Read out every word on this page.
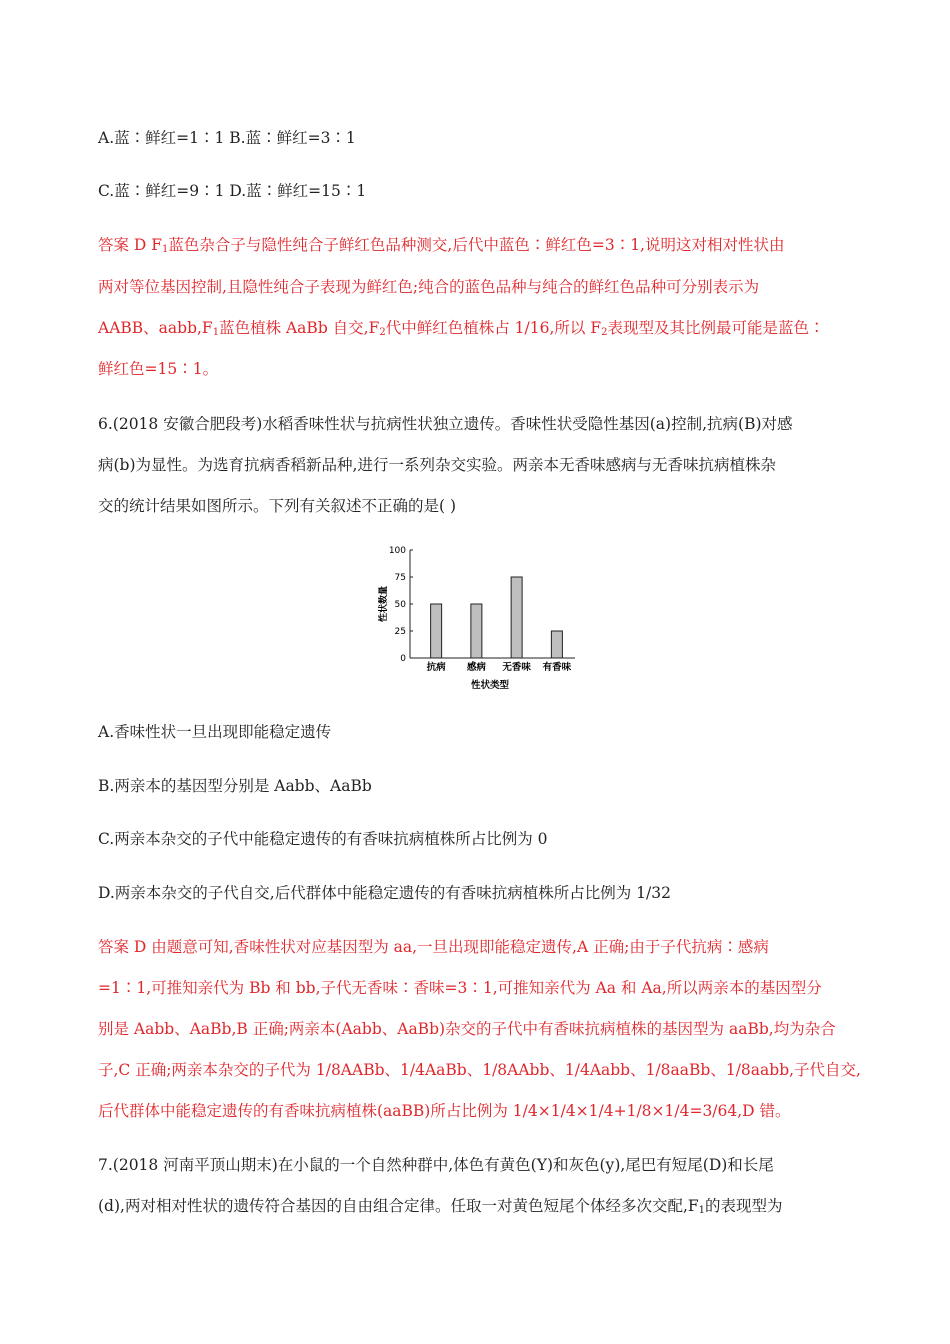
A.蓝∶鲜红=1∶1 B.蓝∶鲜红=3∶1
C.蓝∶鲜红=9∶1 D.蓝∶鲜红=15∶1
答案 D $F_1$蓝色杂合子与隐性纯合子鲜红色品种测交,后代中蓝色∶鲜红色=3∶1,说明这对相对性状由
两对等位基因控制,且隐性纯合子表现为鲜红色;纯合的蓝色品种与纯合的鲜红色品种可分别表示为
AABB、$aabb,F_1$蓝色植株 AaBb 自交$,F_2$代中鲜红色植株占 1/16,所以 $F_2$表现型及其比例最可能是蓝色∶
鲜红色=15∶1。
6.(2018 安徽合肥段考)水稻香味性状与抗病性状独立遗传。香味性状受隐性基因(a)控制,抗病(B)对感
病(b)为显性。为选育抗病香稻新品种,进行一系列杂交实验。两亲本无香味感病与无香味抗病植株杂
交的统计结果如图所示。下列有关叙述不正确的是( )
0
25
50
75
100
抗病 感病 无香味 有香味
性状数量
性状类型
A.香味性状一旦出现即能稳定遗传
B.两亲本的基因型分别是 Aabb、AaBb
C.两亲本杂交的子代中能稳定遗传的有香味抗病植株所占比例为 0
D.两亲本杂交的子代自交,后代群体中能稳定遗传的有香味抗病植株所占比例为 1/32
答案 D 由题意可知,香味性状对应基因型为 aa,一旦出现即能稳定遗传,A 正确;由于子代抗病∶感病
=1∶1,可推知亲代为 Bb 和 bb,子代无香味∶香味=3∶1,可推知亲代为 Aa 和 Aa,所以两亲本的基因型分
别是 Aabb、AaBb,B 正确;两亲本(Aabb、AaBb)杂交的子代中有香味抗病植株的基因型为 aaBb,均为杂合
子,C 正确;两亲本杂交的子代为 1/8AABb、1/4AaBb、1/8AAbb、1/4Aabb、1/8aaBb、1/8aabb,子代自交,
后代群体中能稳定遗传的有香味抗病植株(aaBB)所占比例为 1/4×1/4×1/4+1/8×1/4=3/64,D 错。
7.(2018 河南平顶山期末)在小鼠的一个自然种群中,体色有黄色(Y)和灰色(y),尾巴有短尾(D)和长尾
(d),两对相对性状的遗传符合基因的自由组合定律。任取一对黄色短尾个体经多次交配$,F_1$的表现型为
